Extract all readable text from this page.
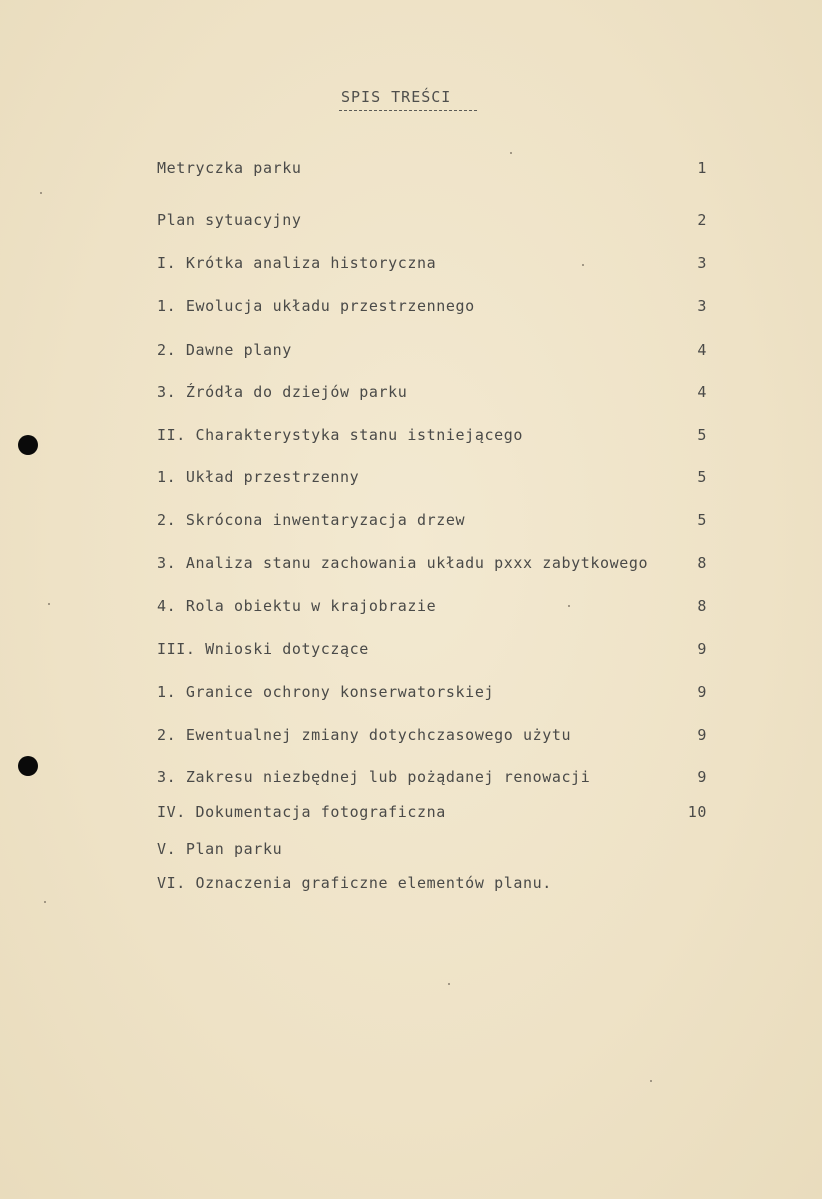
SPIS TREŚCI
Metryczka parku	1
Plan sytuacyjny	2
I. Krótka analiza historyczna	3
1. Ewolucja układu przestrzennego	3
2. Dawne plany	4
3. Źródła do dziejów parku	4
II. Charakterystyka stanu istniejącego	5
1. Układ przestrzenny	5
2. Skrócona inwentaryzacja drzew	5
3. Analiza stanu zachowania układu pxxx zabytkowego	8
4. Rola obiektu w krajobrazie	8
III. Wnioski dotyczące	9
1. Granice ochrony konserwatorskiej	9
2. Ewentualnej zmiany dotychczasowego użytu	9
3. Zakresu niezbędnej lub pożądanej renowacji	9
IV. Dokumentacja fotograficzna	10
V. Plan parku
VI. Oznaczenia graficzne elementów planu.
